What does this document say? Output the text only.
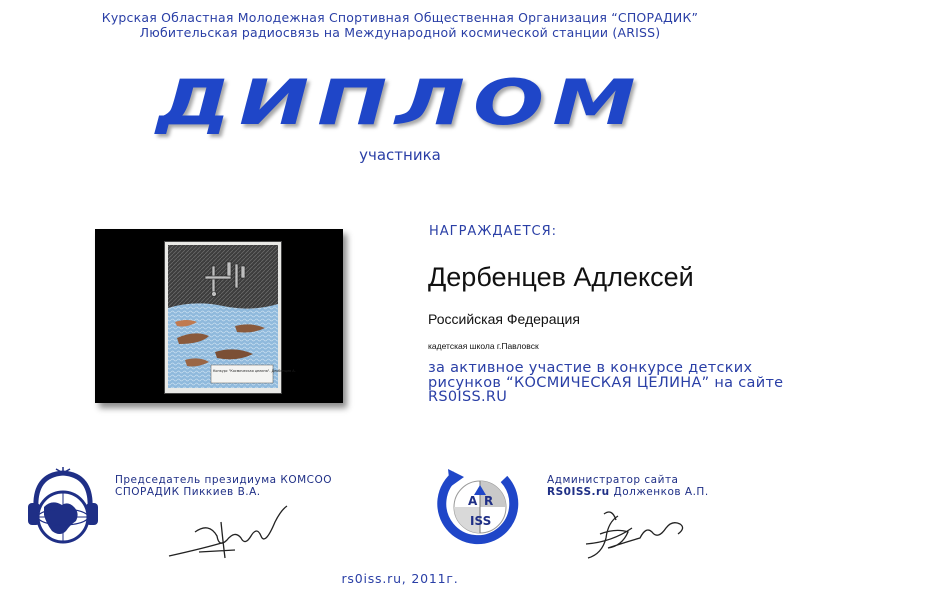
Курская Областная Молодежная Спортивная Общественная Организация “СПОРАДИК”
Любительская радиосвязь на Международной космической станции (ARISS)
ДИПЛОМ
участника
Конкурс "Космическая целина". Дербенцев А.
НАГРАЖДАЕТСЯ:
Дербенцев Адлексей
Российская Федерация
кадетская школа г.Павловск
за активное участие в конкурсе детских рисунков “КОСМИЧЕСКАЯ ЦЕЛИНА” на сайте RS0ISS.RU
Председатель президиума КОМСОО СПОРАДИК Пиккиев В.А.
A R
ISS
Администратор сайта
RS0ISS.ru Долженков А.П.
rs0iss.ru, 2011г.
